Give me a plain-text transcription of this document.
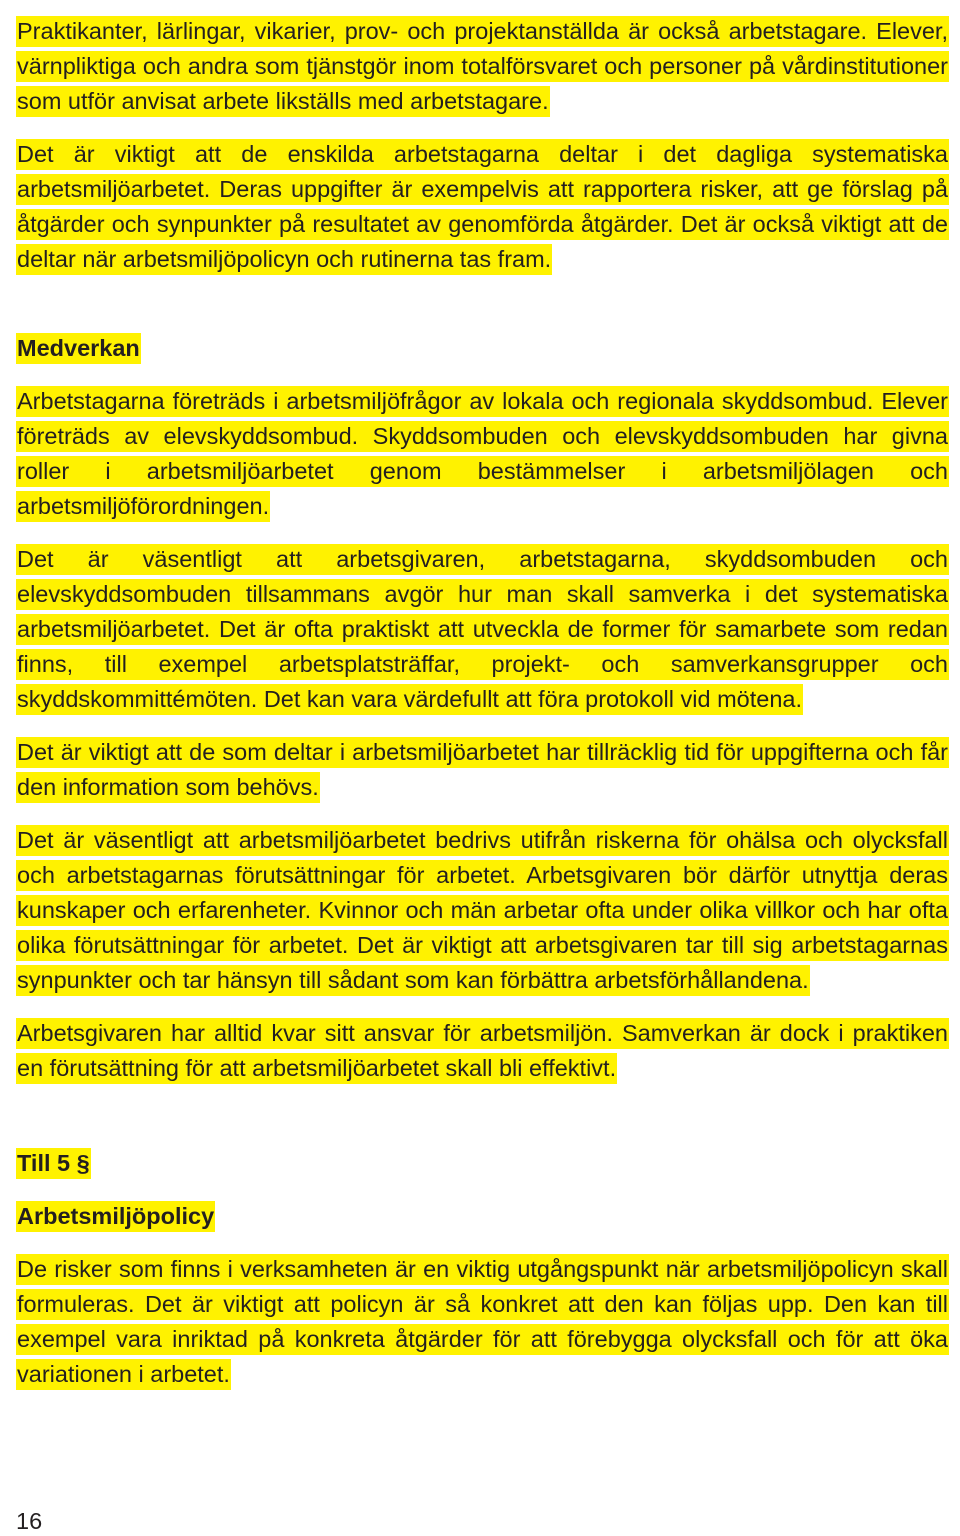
Praktikanter, lärlingar, vikarier, prov- och projektanställda är också arbetstagare. Elever, värnpliktiga och andra som tjänstgör inom totalförsvaret och personer på vårdinstitutioner som utför anvisat arbete likställs med arbetstagare.

Det är viktigt att de enskilda arbetstagarna deltar i det dagliga systematiska arbetsmiljöarbetet. Deras uppgifter är exempelvis att rapportera risker, att ge förslag på åtgärder och synpunkter på resultatet av genomförda åtgärder. Det är också viktigt att de deltar när arbetsmiljöpolicyn och rutinerna tas fram.

Medverkan

Arbetstagarna företräds i arbetsmiljöfrågor av lokala och regionala skyddsombud. Elever företräds av elevskyddsombud. Skyddsombuden och elevskyddsombuden har givna roller i arbetsmiljöarbetet genom bestämmelser i arbetsmiljölagen och arbetsmiljöförordningen.

Det är väsentligt att arbetsgivaren, arbetstagarna, skyddsombuden och elevskyddsombuden tillsammans avgör hur man skall samverka i det systematiska arbetsmiljöarbetet. Det är ofta praktiskt att utveckla de former för samarbete som redan finns, till exempel arbetsplatsträffar, projekt- och samverkansgrupper och skyddskommittémöten. Det kan vara värdefullt att föra protokoll vid mötena.

Det är viktigt att de som deltar i arbetsmiljöarbetet har tillräcklig tid för uppgifterna och får den information som behövs.

Det är väsentligt att arbetsmiljöarbetet bedrivs utifrån riskerna för ohälsa och olycksfall och arbetstagarnas förutsättningar för arbetet. Arbetsgivaren bör därför utnyttja deras kunskaper och erfarenheter. Kvinnor och män arbetar ofta under olika villkor och har ofta olika förutsättningar för arbetet. Det är viktigt att arbetsgivaren tar till sig arbetstagarnas synpunkter och tar hänsyn till sådant som kan förbättra arbetsförhållandena.

Arbetsgivaren har alltid kvar sitt ansvar för arbetsmiljön. Samverkan är dock i praktiken en förutsättning för att arbetsmiljöarbetet skall bli effektivt.

Till 5 §
Arbetsmiljöpolicy

De risker som finns i verksamheten är en viktig utgångspunkt när arbetsmiljöpolicyn skall formuleras. Det är viktigt att policyn är så konkret att den kan följas upp. Den kan till exempel vara inriktad på konkreta åtgärder för att förebygga olycksfall och för att öka variationen i arbetet.

16
